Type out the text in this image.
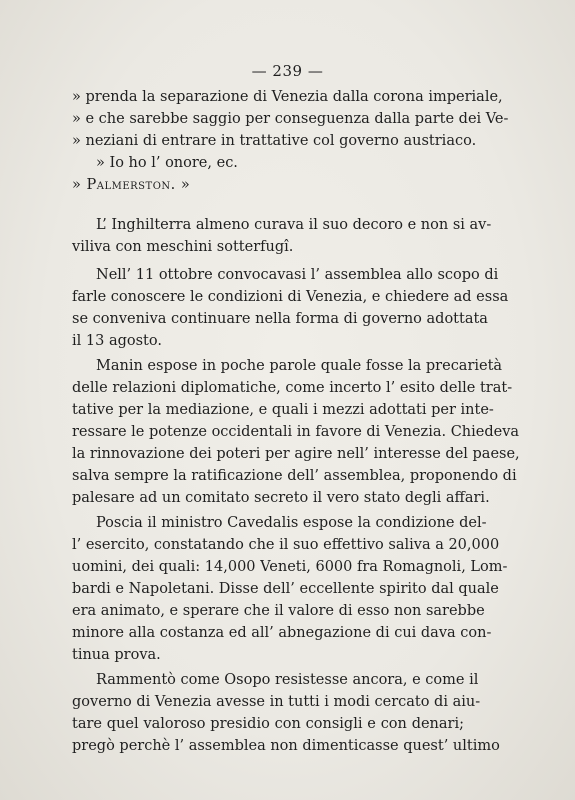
— 239 —
» prenda la separazione di Venezia dalla corona imperiale,
» e che sarebbe saggio per conseguenza dalla parte dei Ve-
» neziani di entrare in trattative col governo austriaco.
» Io ho l’ onore, ec.
» Palmerston. »
L’ Inghilterra almeno curava il suo decoro e non si av-
viliva con meschini sotterfugî.
Nell’ 11 ottobre convocavasi l’ assemblea allo scopo di
farle conoscere le condizioni di Venezia, e chiedere ad essa
se conveniva continuare nella forma di governo adottata
il 13 agosto.
Manin espose in poche parole quale fosse la precarietà
delle relazioni diplomatiche, come incerto l’ esito delle trat-
tative per la mediazione, e quali i mezzi adottati per inte-
ressare le potenze occidentali in favore di Venezia. Chiedeva
la rinnovazione dei poteri per agire nell’ interesse del paese,
salva sempre la ratificazione dell’ assemblea, proponendo di
palesare ad un comitato secreto il vero stato degli affari.
Poscia il ministro Cavedalis espose la condizione del-
l’ esercito, constatando che il suo effettivo saliva a 20,000
uomini, dei quali: 14,000 Veneti, 6000 fra Romagnoli, Lom-
bardi e Napoletani. Disse dell’ eccellente spirito dal quale
era animato, e sperare che il valore di esso non sarebbe
minore alla costanza ed all’ abnegazione di cui dava con-
tinua prova.
Rammentò come Osopo resistesse ancora, e come il
governo di Venezia avesse in tutti i modi cercato di aiu-
tare quel valoroso presidio con consigli e con denari;
pregò perchè l’ assemblea non dimenticasse quest’ ultimo
